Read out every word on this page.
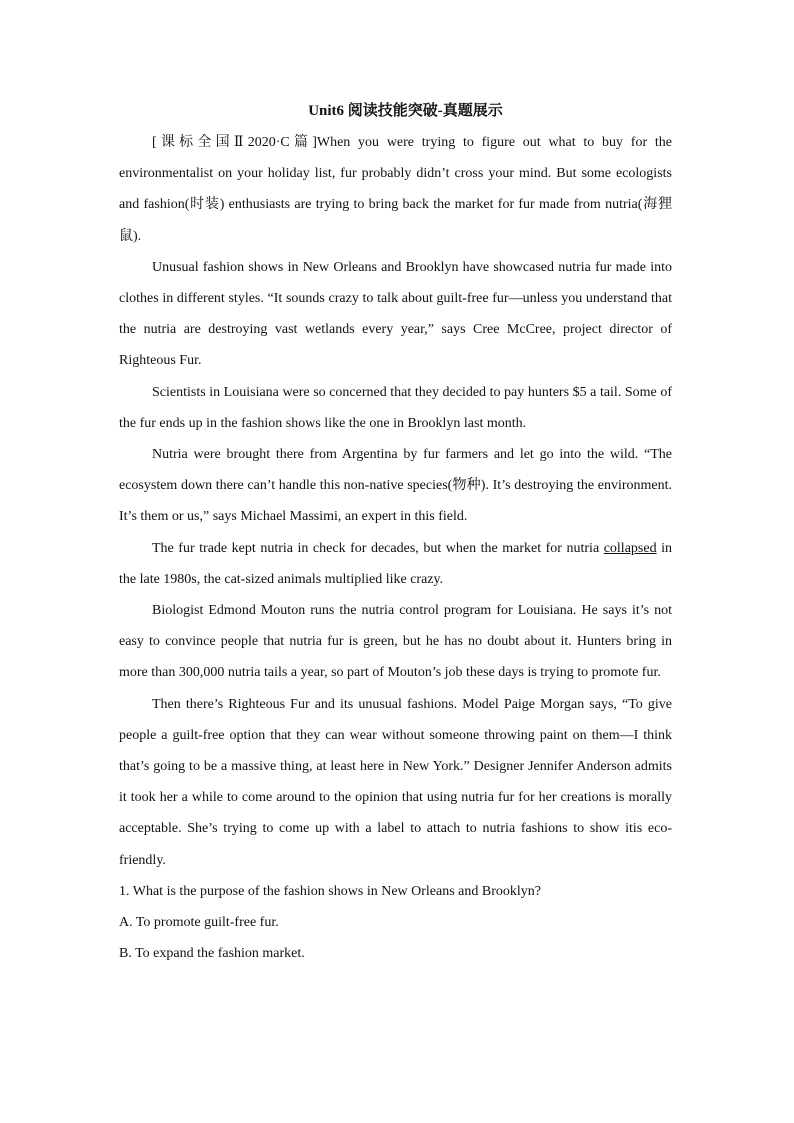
Unit6 阅读技能突破-真题展示

[课标全国Ⅱ2020·C篇]When you were trying to figure out what to buy for the environmentalist on your holiday list, fur probably didn’t cross your mind. But some ecologists and fashion(时装) enthusiasts are trying to bring back the market for fur made from nutria(海狸鼠).

Unusual fashion shows in New Orleans and Brooklyn have showcased nutria fur made into clothes in different styles. “It sounds crazy to talk about guilt-free fur—unless you understand that the nutria are destroying vast wetlands every year,” says Cree McCree, project director of Righteous Fur.

Scientists in Louisiana were so concerned that they decided to pay hunters $5 a tail. Some of the fur ends up in the fashion shows like the one in Brooklyn last month.

Nutria were brought there from Argentina by fur farmers and let go into the wild. “The ecosystem down there can’t handle this non-native species(物种). It’s destroying the environment. It’s them or us,” says Michael Massimi, an expert in this field.

The fur trade kept nutria in check for decades, but when the market for nutria collapsed in the late 1980s, the cat-sized animals multiplied like crazy.

Biologist Edmond Mouton runs the nutria control program for Louisiana. He says it’s not easy to convince people that nutria fur is green, but he has no doubt about it. Hunters bring in more than 300,000 nutria tails a year, so part of Mouton’s job these days is trying to promote fur.

Then there’s Righteous Fur and its unusual fashions. Model Paige Morgan says, “To give people a guilt-free option that they can wear without someone throwing paint on them—I think that’s going to be a massive thing, at least here in New York.” Designer Jennifer Anderson admits it took her a while to come around to the opinion that using nutria fur for her creations is morally acceptable. She’s trying to come up with a label to attach to nutria fashions to show itis eco-friendly.

1. What is the purpose of the fashion shows in New Orleans and Brooklyn?

A. To promote guilt-free fur.

B. To expand the fashion market.
